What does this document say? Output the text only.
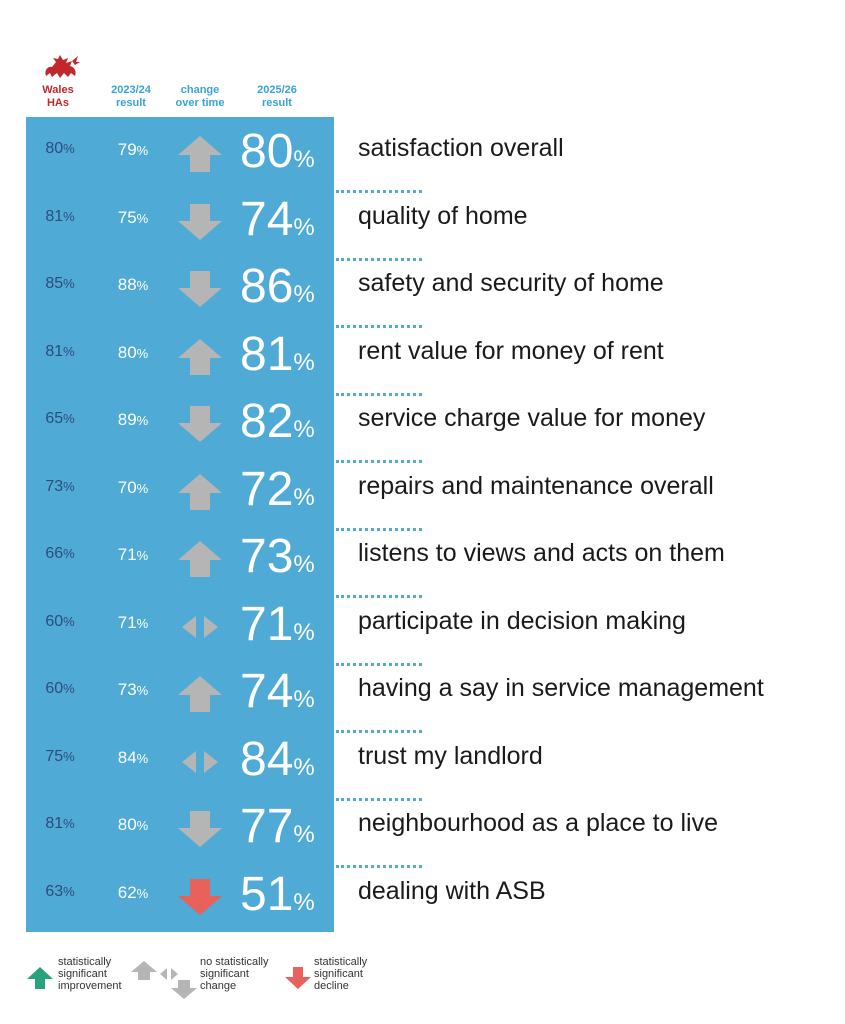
Wales
HAs
2023/24
result
change
over time
2025/26
result
80%	79%	80%	satisfaction overall
81%	75%	74%	quality of home
85%	88%	86%	safety and security of home
81%	80%	81%	rent value for money of rent
65%	89%	82%	service charge value for money
73%	70%	72%	repairs and maintenance overall
66%	71%	73%	listens to views and acts on them
60%	71%	71%	participate in decision making
60%	73%	74%	having a say in service management
75%	84%	84%	trust my landlord
81%	80%	77%	neighbourhood as a place to live
63%	62%	51%	dealing with ASB
statistically
significant
improvement
no statistically
significant
change
statistically
significant
decline
